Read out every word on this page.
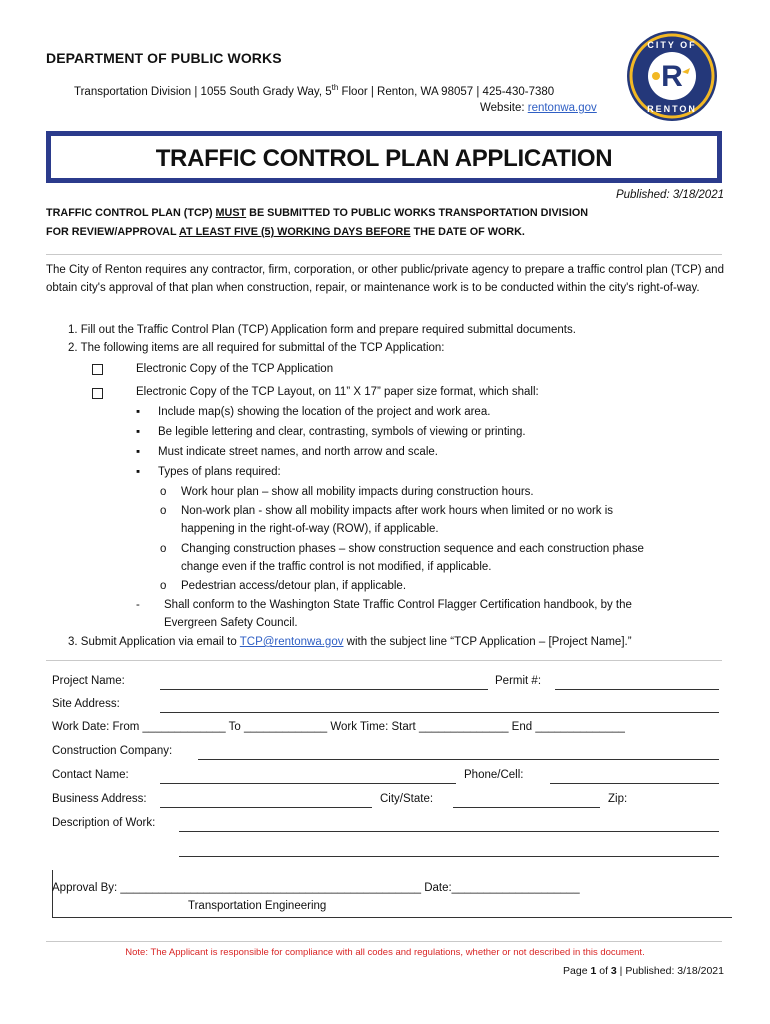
DEPARTMENT OF PUBLIC WORKS
Transportation Division | 1055 South Grady Way, 5th Floor | Renton, WA 98057 | 425-430-7380
Website: rentonwa.gov
R
CITY OF
RENTON
TRAFFIC CONTROL PLAN APPLICATION
Published: 3/18/2021
TRAFFIC CONTROL PLAN (TCP) MUST BE SUBMITTED TO PUBLIC WORKS TRANSPORTATION DIVISION
FOR REVIEW/APPROVAL AT LEAST FIVE (5) WORKING DAYS BEFORE THE DATE OF WORK.
The City of Renton requires any contractor, firm, corporation, or other public/private agency to prepare a traffic control plan (TCP) and obtain city's approval of that plan when construction, repair, or maintenance work is to be conducted within the city's right-of-way.
1. Fill out the Traffic Control Plan (TCP) Application form and prepare required submittal documents.
2. The following items are all required for submittal of the TCP Application:
Electronic Copy of the TCP Application
Electronic Copy of the TCP Layout, on 11” X 17” paper size format, which shall:
▪ Include map(s) showing the location of the project and work area.
▪ Be legible lettering and clear, contrasting, symbols of viewing or printing.
▪ Must indicate street names, and north arrow and scale.
▪ Types of plans required:
o Work hour plan – show all mobility impacts during construction hours.
o Non-work plan - show all mobility impacts after work hours when limited or no work is
happening in the right-of-way (ROW), if applicable.
o Changing construction phases – show construction sequence and each construction phase
change even if the traffic control is not modified, if applicable.
o Pedestrian access/detour plan, if applicable.
- Shall conform to the Washington State Traffic Control Flagger Certification handbook, by the
Evergreen Safety Council.
3. Submit Application via email to TCP@rentonwa.gov with the subject line “TCP Application – [Project Name].”
Project Name:	Permit #:
Site Address:
Work Date: From _____________ To _____________ Work Time: Start ______________ End ______________
Construction Company:
Contact Name:	Phone/Cell:
Business Address:	City/State:	Zip:
Description of Work:
Approval By: _______________________________________________ Date:____________________
Transportation Engineering
Note: The Applicant is responsible for compliance with all codes and regulations, whether or not described in this document.
Page 1 of 3 | Published: 3/18/2021
